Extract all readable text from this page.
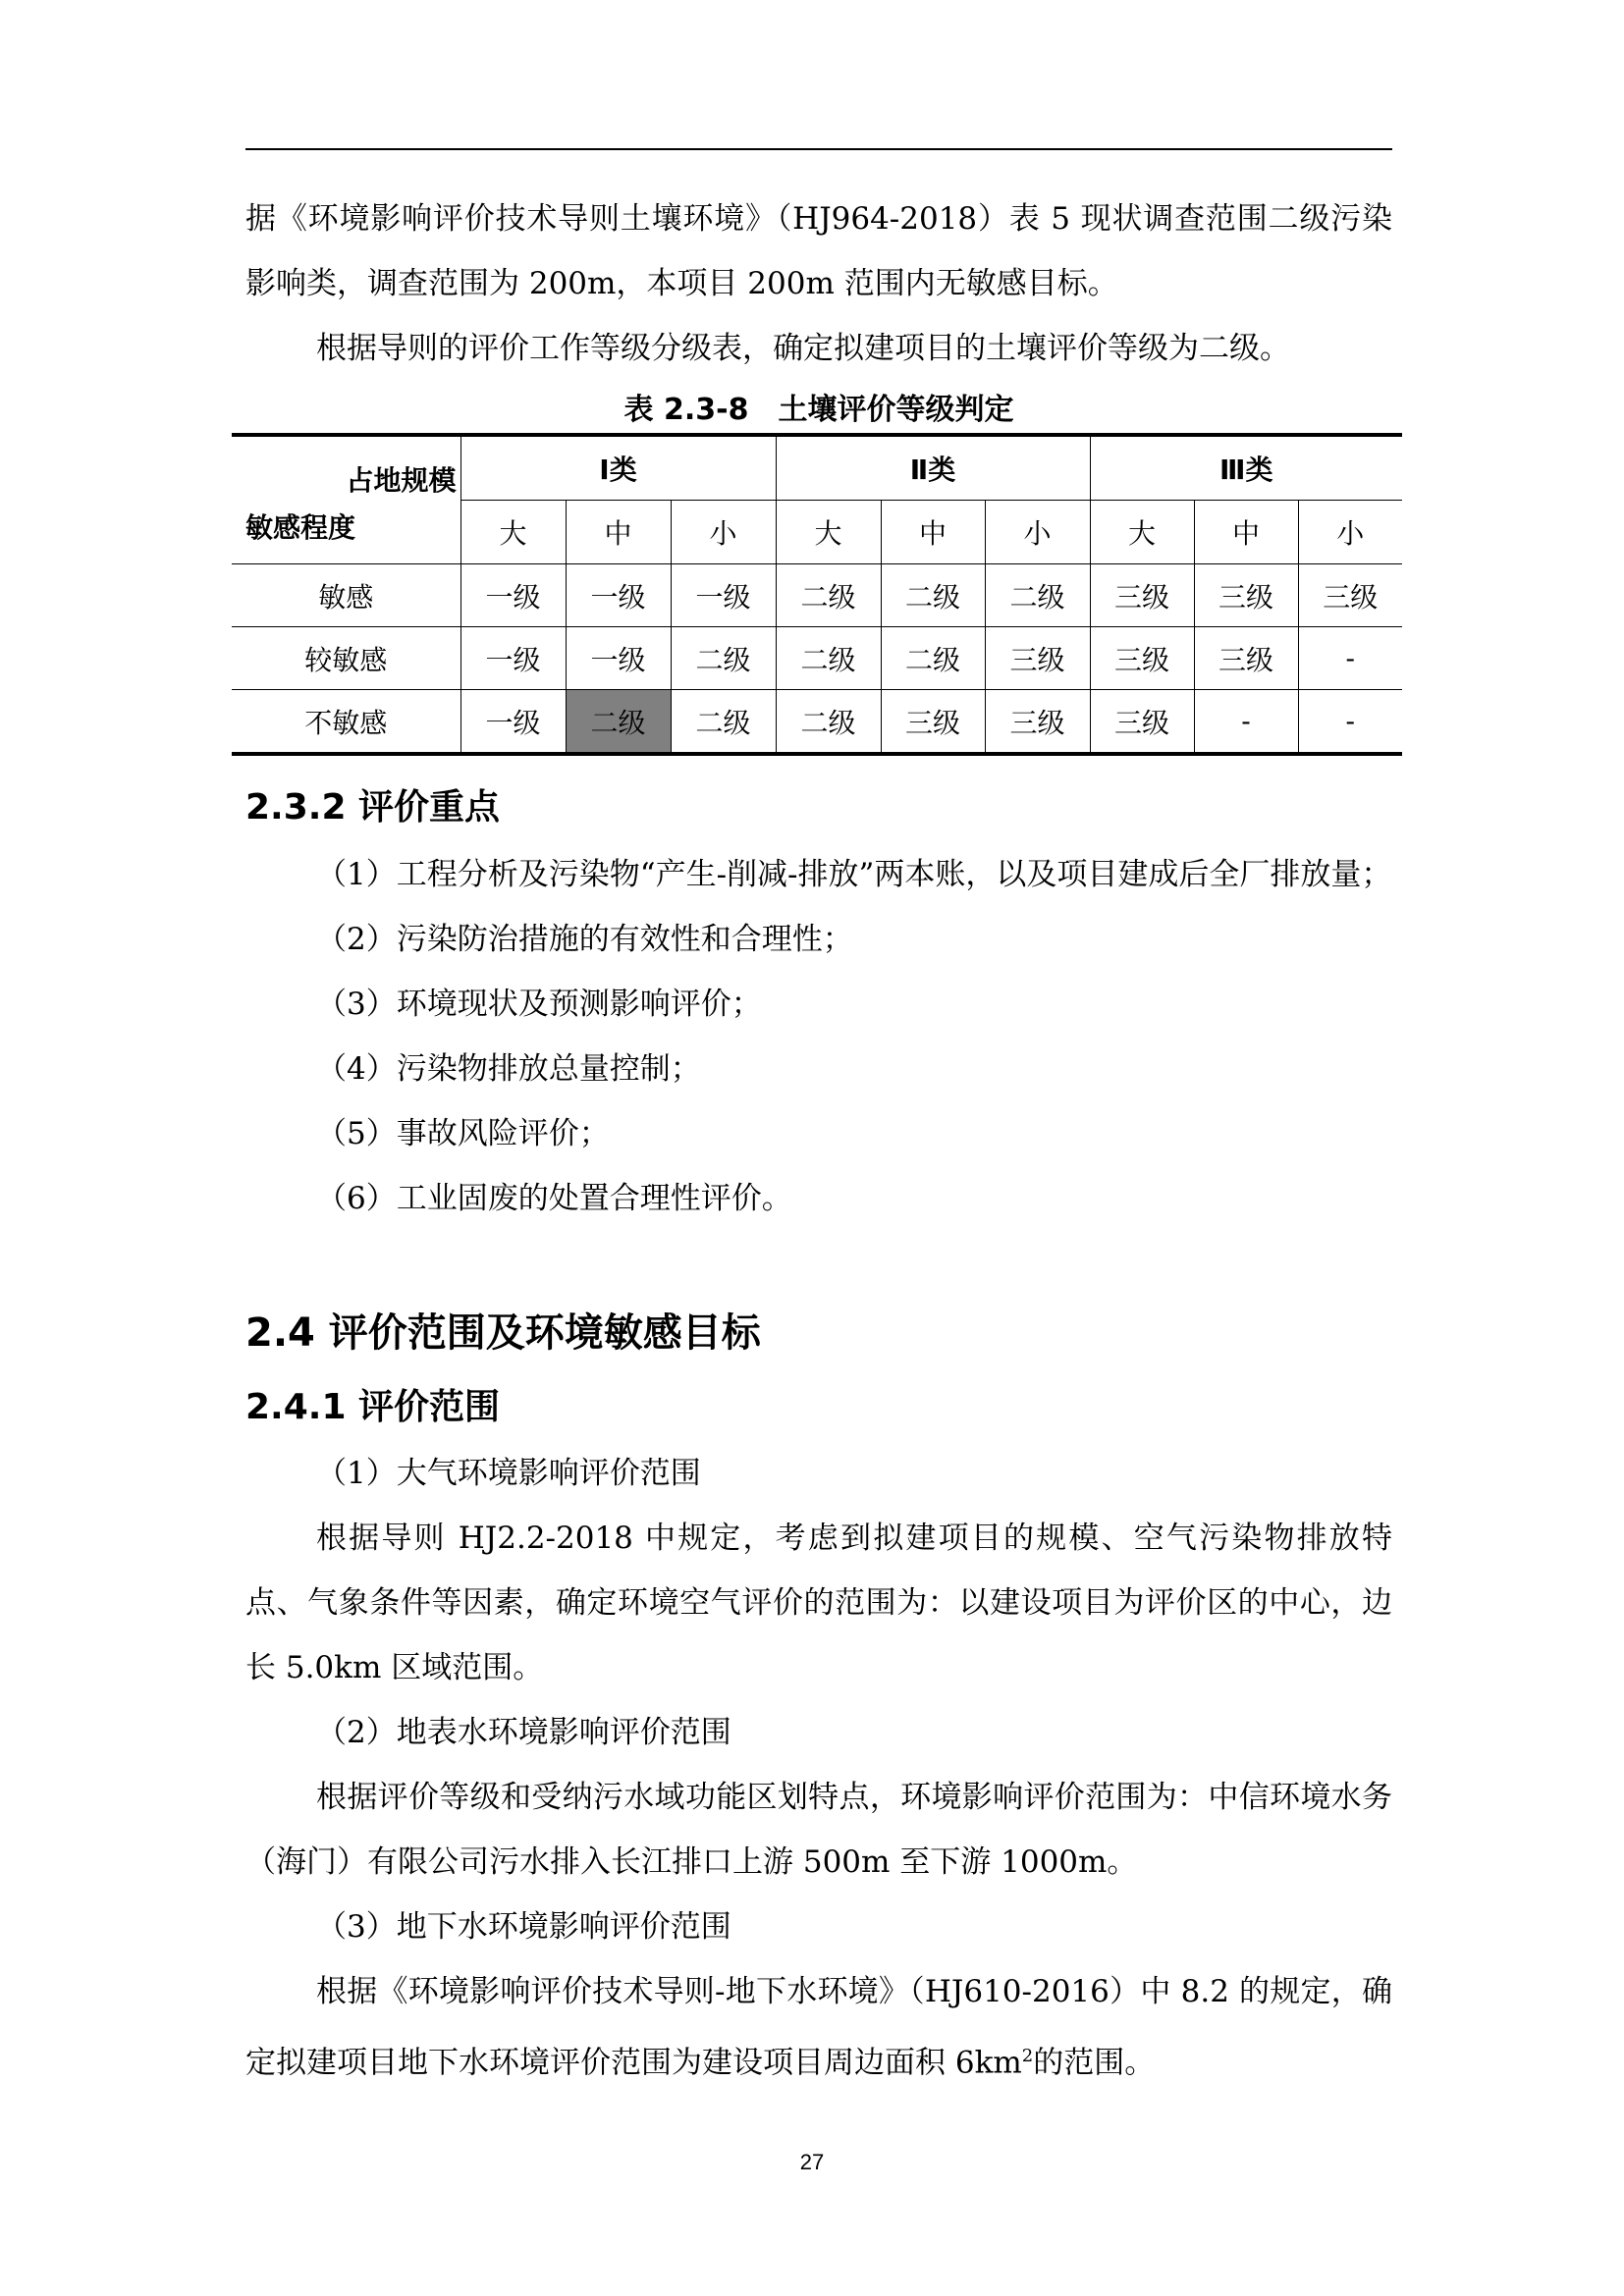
据《环境影响评价技术导则土壤环境》（HJ964-2018）表 5 现状调查范围二级污染影响类，调查范围为 200m，本项目 200m 范围内无敏感目标。

根据导则的评价工作等级分级表，确定拟建项目的土壤评价等级为二级。

表 2.3-8　土壤评价等级判定
占地规模
敏感程度	Ⅰ类			Ⅱ类			Ⅲ类		
	大	中	小	大	中	小	大	中	小
敏感	一级	一级	一级	二级	二级	二级	三级	三级	三级
较敏感	一级	一级	二级	二级	二级	三级	三级	三级	-
不敏感	一级	二级	二级	二级	三级	三级	三级	-	-
2.3.2 评价重点

（1）工程分析及污染物“产生-削减-排放”两本账，以及项目建成后全厂排放量；

（2）污染防治措施的有效性和合理性；

（3）环境现状及预测影响评价；

（4）污染物排放总量控制；

（5）事故风险评价；

（6）工业固废的处置合理性评价。

2.4 评价范围及环境敏感目标
2.4.1 评价范围

（1）大气环境影响评价范围

根据导则 HJ2.2-2018 中规定，考虑到拟建项目的规模、空气污染物排放特点、气象条件等因素，确定环境空气评价的范围为：以建设项目为评价区的中心，边长 5.0km 区域范围。

（2）地表水环境影响评价范围

根据评价等级和受纳污水域功能区划特点，环境影响评价范围为：中信环境水务（海门）有限公司污水排入长江排口上游 500m 至下游 1000m。

（3）地下水环境影响评价范围

根据《环境影响评价技术导则-地下水环境》（HJ610-2016）中 8.2 的规定，确定拟建项目地下水环境评价范围为建设项目周边面积 $6km^2$的范围。

27
